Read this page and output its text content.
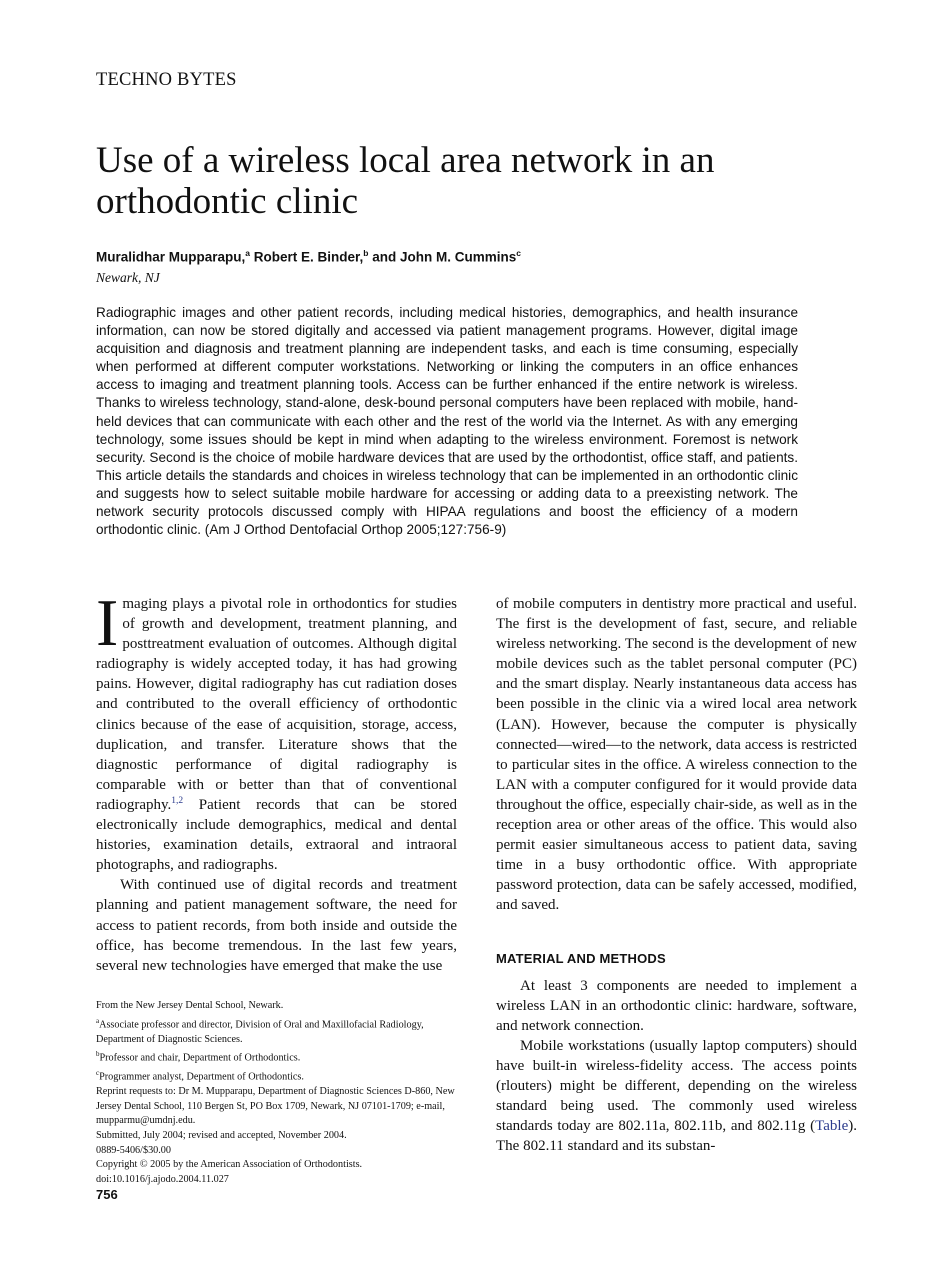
TECHNO BYTES
Use of a wireless local area network in an orthodontic clinic
Muralidhar Mupparapu,$^a$ Robert E. Binder,$^b$ and John M. Cummins$^c$
Newark, NJ

Radiographic images and other patient records, including medical histories, demographics, and health insurance information, can now be stored digitally and accessed via patient management programs. However, digital image acquisition and diagnosis and treatment planning are independent tasks, and each is time consuming, especially when performed at different computer workstations. Networking or linking the computers in an office enhances access to imaging and treatment planning tools. Access can be further enhanced if the entire network is wireless. Thanks to wireless technology, stand-alone, desk-bound personal computers have been replaced with mobile, hand-held devices that can communicate with each other and the rest of the world via the Internet. As with any emerging technology, some issues should be kept in mind when adapting to the wireless environment. Foremost is network security. Second is the choice of mobile hardware devices that are used by the orthodontist, office staff, and patients. This article details the standards and choices in wireless technology that can be implemented in an orthodontic clinic and suggests how to select suitable mobile hardware for accessing or adding data to a preexisting network. The network security protocols discussed comply with HIPAA regulations and boost the efficiency of a modern orthodontic clinic. (Am J Orthod Dentofacial Orthop 2005;127:756-9)

Imaging plays a pivotal role in orthodontics for studies of growth and development, treatment planning, and posttreatment evaluation of outcomes. Although digital radiography is widely accepted today, it has had growing pains. However, digital radiography has cut radiation doses and contributed to the overall efficiency of orthodontic clinics because of the ease of acquisition, storage, access, duplication, and transfer. Literature shows that the diagnostic performance of digital radiography is comparable with or better than that of conventional radiography.$^{1,2}$ Patient records that can be stored electronically include demographics, medical and dental histories, examination details, extraoral and intraoral photographs, and radiographs.

With continued use of digital records and treatment planning and patient management software, the need for access to patient records, from both inside and outside the office, has become tremendous. In the last few years, several new technologies have emerged that make the use

of mobile computers in dentistry more practical and useful. The first is the development of fast, secure, and reliable wireless networking. The second is the development of new mobile devices such as the tablet personal computer (PC) and the smart display. Nearly instantaneous data access has been possible in the clinic via a wired local area network (LAN). However, because the computer is physically connected—wired—to the network, data access is restricted to particular sites in the office. A wireless connection to the LAN with a computer configured for it would provide data throughout the office, especially chair-side, as well as in the reception area or other areas of the office. This would also permit easier simultaneous access to patient data, saving time in a busy orthodontic office. With appropriate password protection, data can be safely accessed, modified, and saved.

MATERIAL AND METHODS

At least 3 components are needed to implement a wireless LAN in an orthodontic clinic: hardware, software, and network connection.

Mobile workstations (usually laptop computers) should have built-in wireless-fidelity access. The access points (rlouters) might be different, depending on the wireless standard being used. The commonly used wireless standards today are 802.11a, 802.11b, and 802.11g (Table). The 802.11 standard and its substan-

From the New Jersey Dental School, Newark.
$^a$Associate professor and director, Division of Oral and Maxillofacial Radiology, Department of Diagnostic Sciences.
$^b$Professor and chair, Department of Orthodontics.
$^c$Programmer analyst, Department of Orthodontics.
Reprint requests to: Dr M. Mupparapu, Department of Diagnostic Sciences D-860, New Jersey Dental School, 110 Bergen St, PO Box 1709, Newark, NJ 07101-1709; e-mail, mupparmu@umdnj.edu.
Submitted, July 2004; revised and accepted, November 2004.
0889-5406/$30.00
Copyright © 2005 by the American Association of Orthodontists.
doi:10.1016/j.ajodo.2004.11.027
756
